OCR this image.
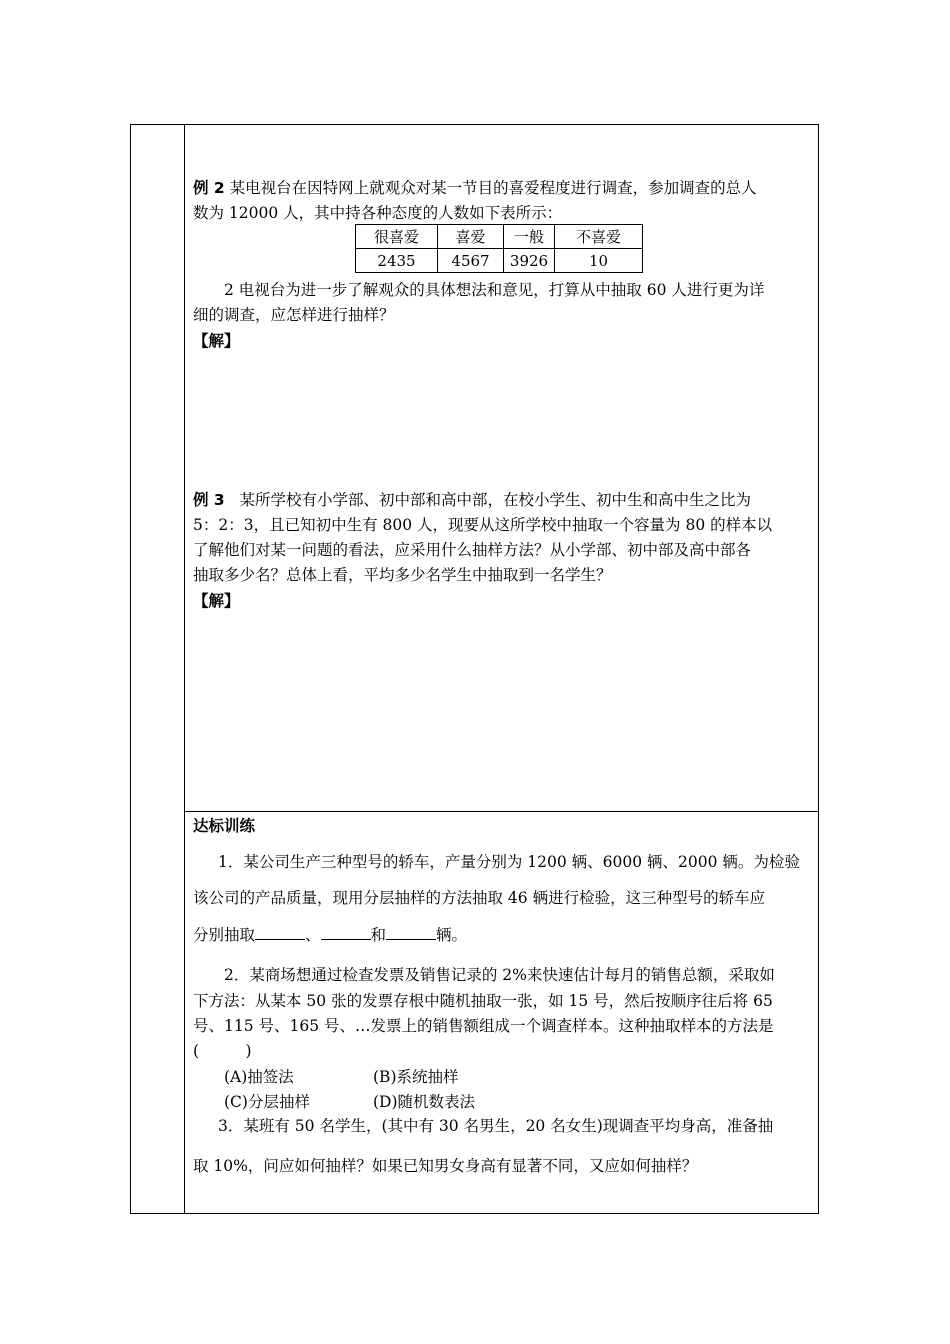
例 2 某电视台在因特网上就观众对某一节目的喜爱程度进行调查，参加调查的总人
数为 12000 人，其中持各种态度的人数如下表所示：
很喜爱	喜爱	一般	不喜爱
2435	4567	3926	10
2 电视台为进一步了解观众的具体想法和意见，打算从中抽取 60 人进行更为详
细的调查，应怎样进行抽样？
【解】
例 3 某所学校有小学部、初中部和高中部，在校小学生、初中生和高中生之比为
5：2：3，且已知初中生有 800 人，现要从这所学校中抽取一个容量为 80 的样本以
了解他们对某一问题的看法，应采用什么抽样方法？从小学部、初中部及高中部各
抽取多少名？总体上看，平均多少名学生中抽取到一名学生？
【解】
达标训练
1．某公司生产三种型号的轿车，产量分别为 1200 辆、6000 辆、2000 辆。为检验
该公司的产品质量，现用分层抽样的方法抽取 46 辆进行检验，这三种型号的轿车应
分别抽取	、	和	辆。
2．某商场想通过检查发票及销售记录的 2%来快速估计每月的销售总额，采取如
下方法：从某本 50 张的发票存根中随机抽取一张，如 15 号，然后按顺序往后将 65
号、115 号、165 号、…发票上的销售额组成一个调查样本。这种抽取样本的方法是
(　　　)
(A)抽签法	(B)系统抽样
(C)分层抽样	(D)随机数表法
3．某班有 50 名学生，(其中有 30 名男生，20 名女生)现调查平均身高，准备抽
取 10%，问应如何抽样？如果已知男女身高有显著不同，又应如何抽样？
